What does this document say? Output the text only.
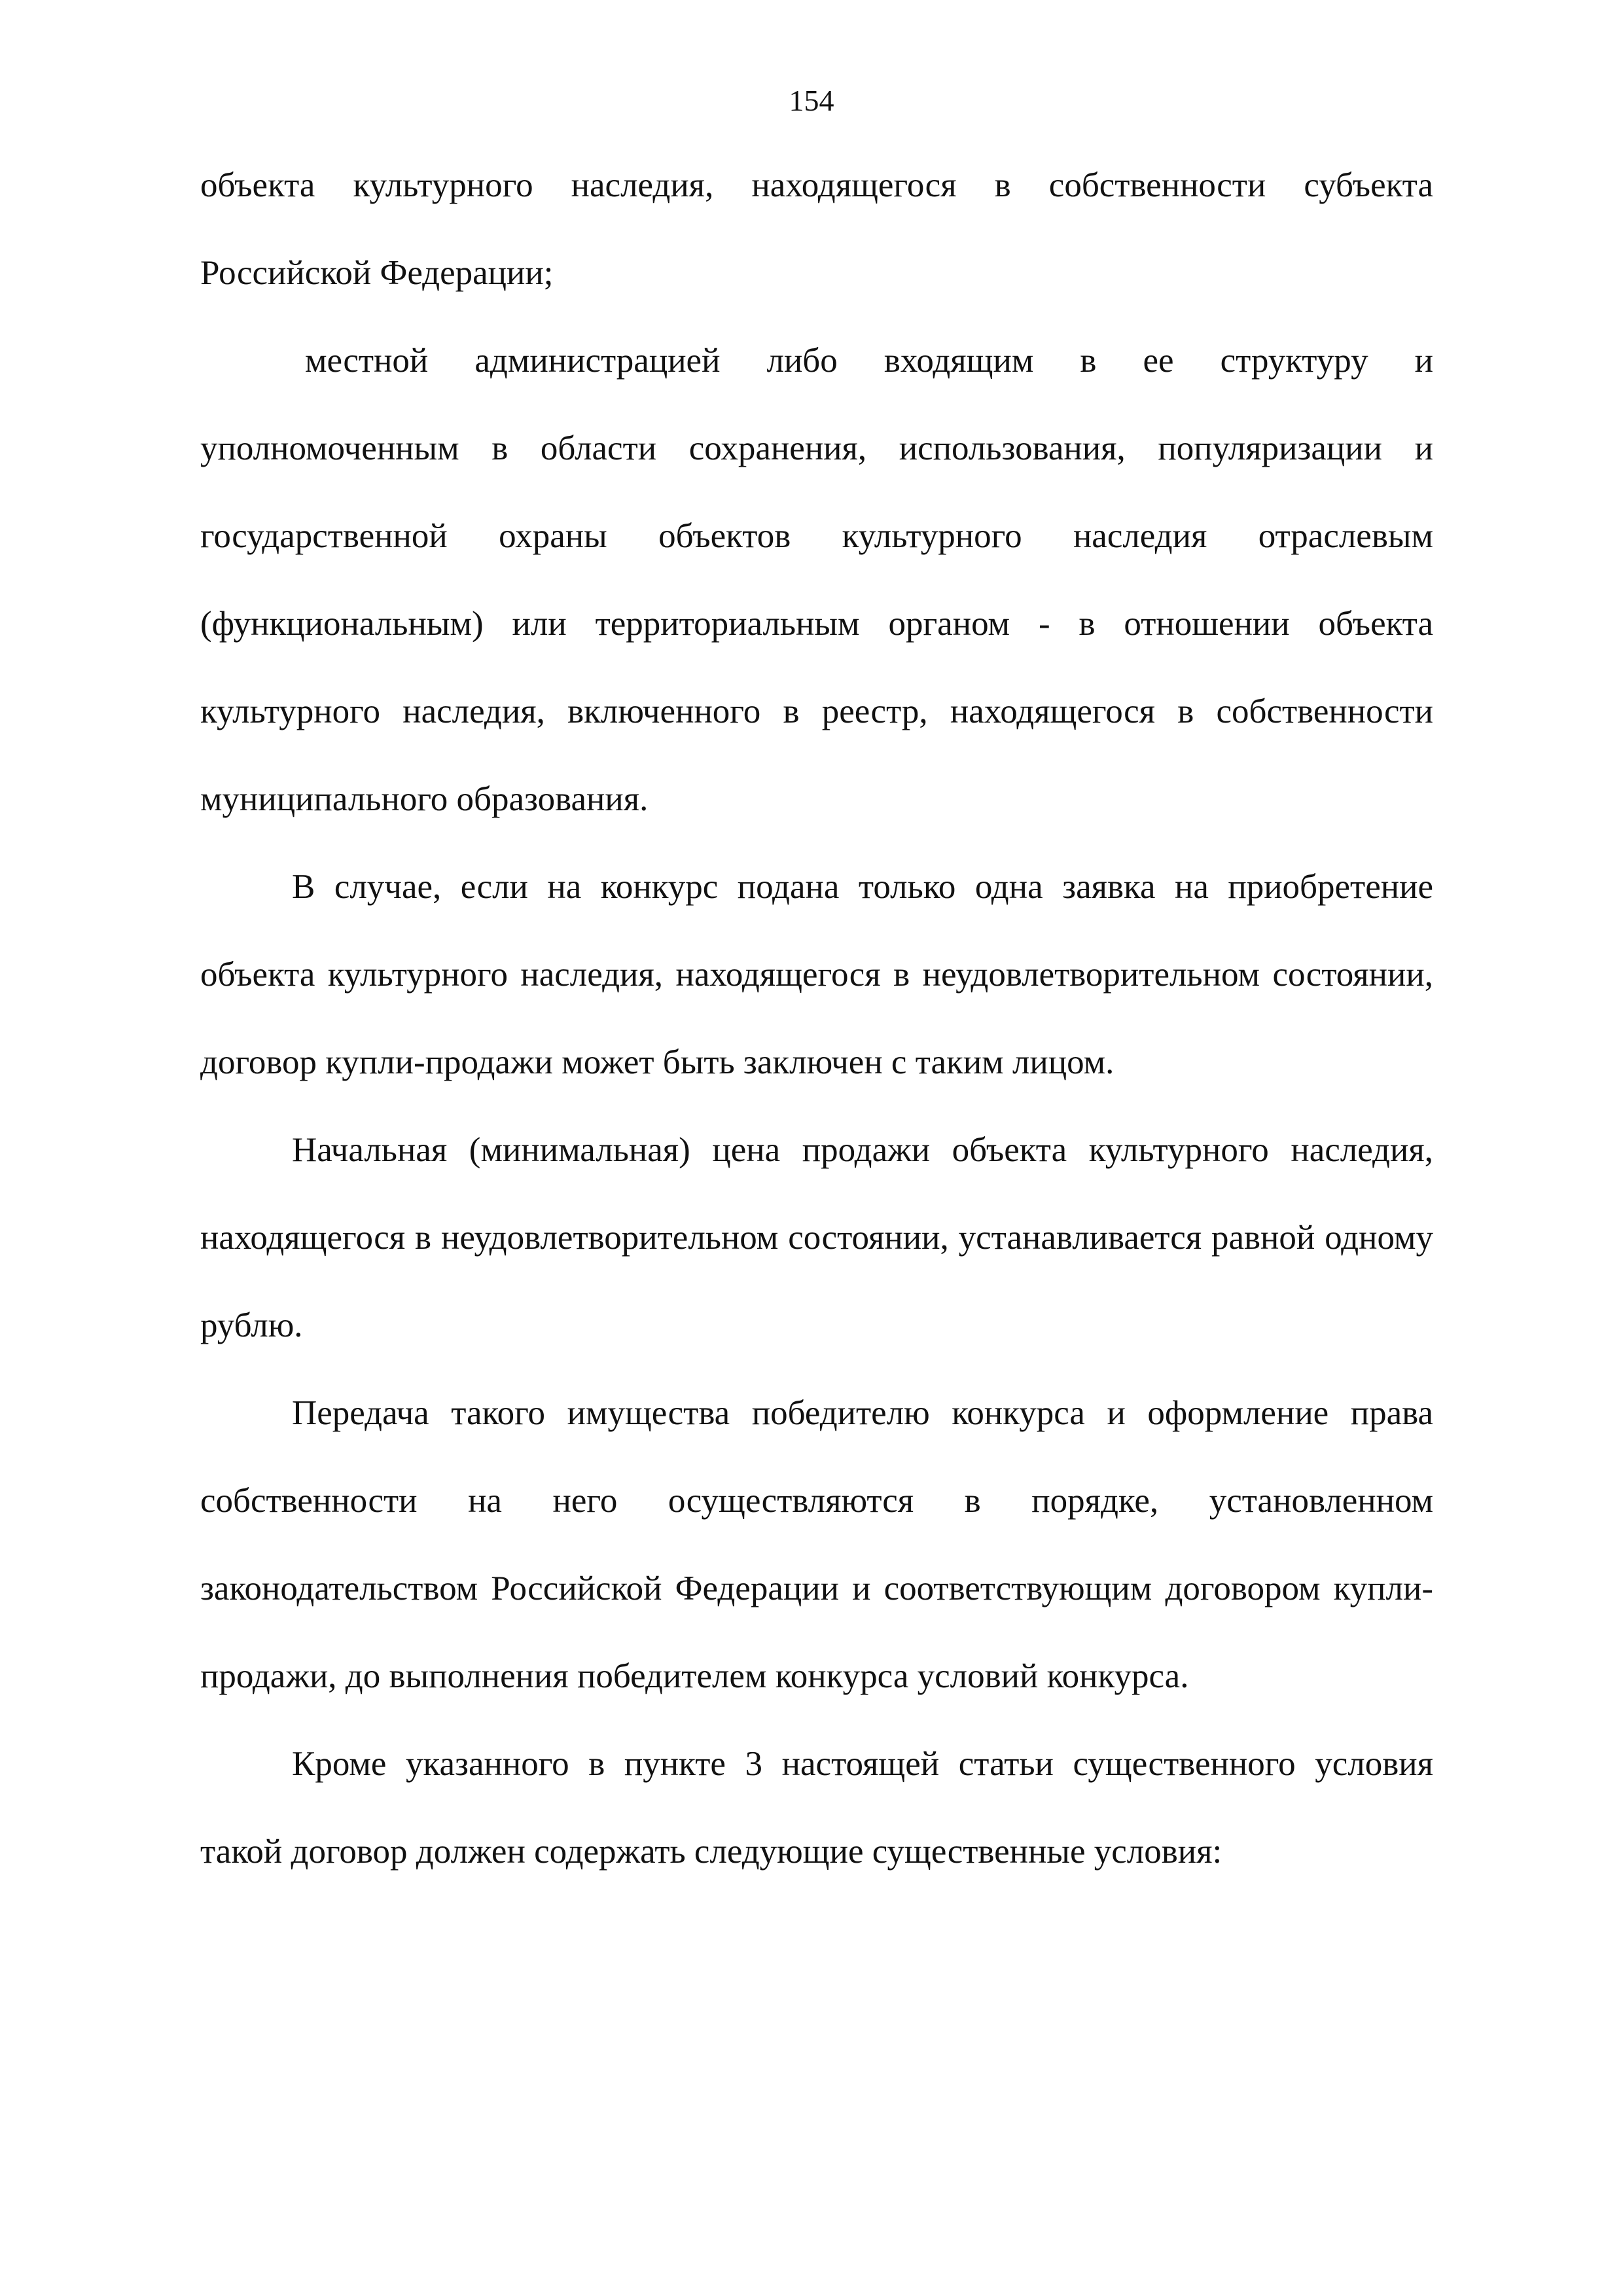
154

объекта культурного наследия, находящегося в собственности субъекта Российской Федерации;

местной администрацией либо входящим в ее структуру и уполномоченным в области сохранения, использования, популяризации и государственной охраны объектов культурного наследия отраслевым (функциональным) или территориальным органом - в отношении объекта культурного наследия, включенного в реестр, находящегося в собственности муниципального образования.

В случае, если на конкурс подана только одна заявка на приобретение объекта культурного наследия, находящегося в неудовлетворительном состоянии, договор купли-продажи может быть заключен с таким лицом.

Начальная (минимальная) цена продажи объекта культурного наследия, находящегося в неудовлетворительном состоянии, устанавливается равной одному рублю.

Передача такого имущества победителю конкурса и оформление права собственности на него осуществляются в порядке, установленном законодательством Российской Федерации и соответствующим договором купли-продажи, до выполнения победителем конкурса условий конкурса.

Кроме указанного в пункте 3 настоящей статьи существенного условия такой договор должен содержать следующие существенные условия:
